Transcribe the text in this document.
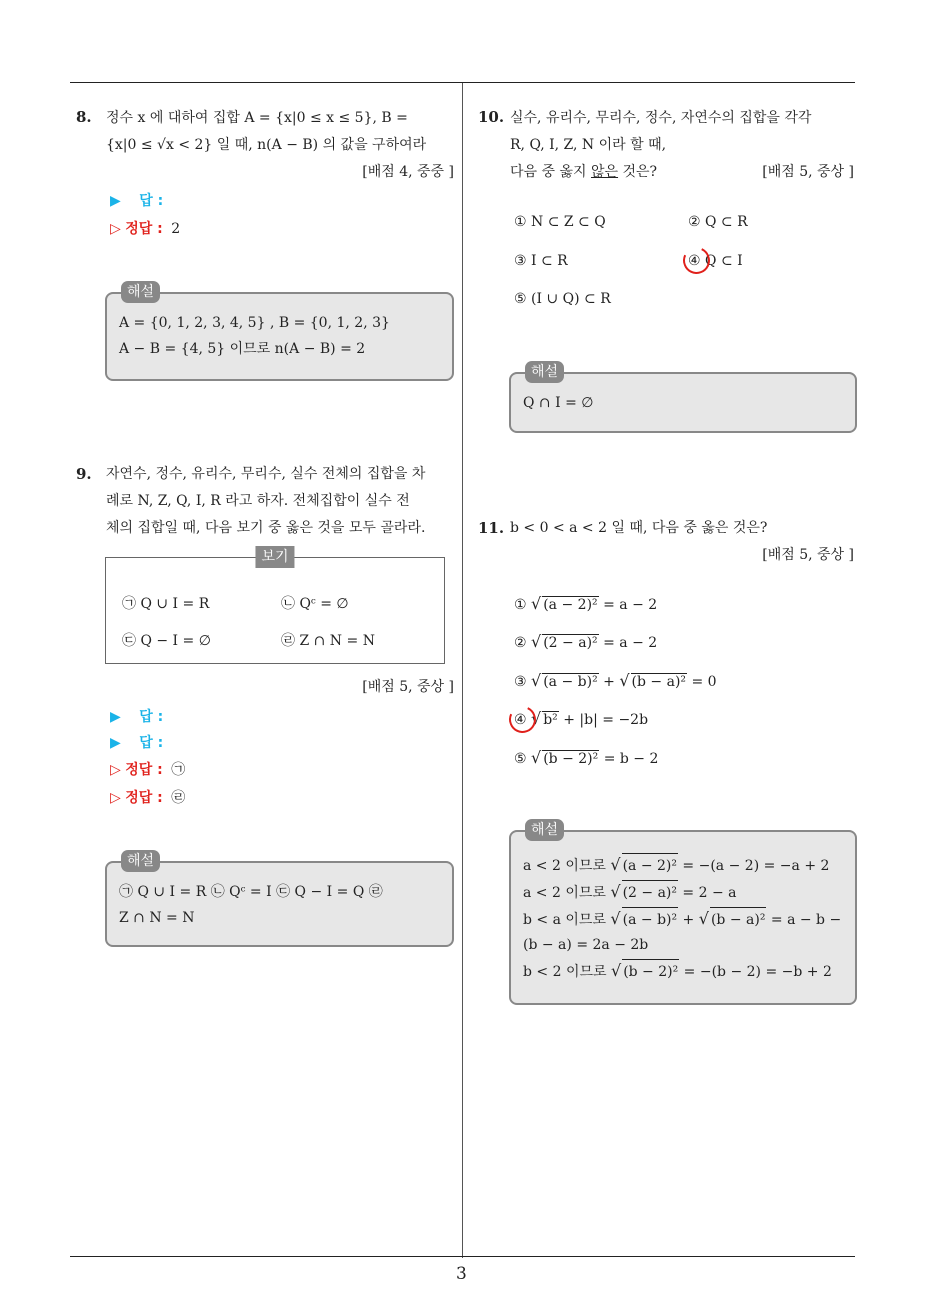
3
8. 정수 x 에 대하여 집합 A = {x|0 ≤ x ≤ 5}, B =
{x|0 ≤ √x < 2} 일 때, n(A − B) 의 값을 구하여라
[배점 4, 중중 ]
▶ 답 :
▷ 정답 : 2
해설
A = {0, 1, 2, 3, 4, 5} , B = {0, 1, 2, 3}
A − B = {4, 5} 이므로 n(A − B) = 2
9. 자연수, 정수, 유리수, 무리수, 실수 전체의 집합을 차
례로 N, Z, Q, I, R 라고 하자. 전체집합이 실수 전
체의 집합일 때, 다음 보기 중 옳은 것을 모두 골라라.
보기
㉠ Q ∪ I = R	㉡ Qᶜ = ∅
㉢ Q − I = ∅	㉣ Z ∩ N = N
[배점 5, 중상 ]
▶ 답 :
▶ 답 :
▷ 정답 : ㉠
▷ 정답 : ㉣
해설
㉠ Q ∪ I = R ㉡ Qᶜ = I ㉢ Q − I = Q ㉣
Z ∩ N = N
10. 실수, 유리수, 무리수, 정수, 자연수의 집합을 각각
R, Q, I, Z, N 이라 할 때,
다음 중 옳지 않은 것은?	[배점 5, 중상 ]
① N ⊂ Z ⊂ Q	② Q ⊂ R
③ I ⊂ R	④ Q ⊂ I
⑤ (I ∪ Q) ⊂ R
해설
Q ∩ I = ∅
11. b < 0 < a < 2 일 때, 다음 중 옳은 것은?
[배점 5, 중상 ]
① √ (a − 2)² = a − 2
② √ (2 − a)² = a − 2
③ √ (a − b)² + √ (b − a)² = 0
④ √ b² + |b| = −2b
⑤ √ (b − 2)² = b − 2
해설
a < 2 이므로 √ (a − 2)² = −(a − 2) = −a + 2
a < 2 이므로 √ (2 − a)² = 2 − a
b < a 이므로 √ (a − b)² + √ (b − a)² = a − b −
(b − a) = 2a − 2b
b < 2 이므로 √ (b − 2)² = −(b − 2) = −b + 2
